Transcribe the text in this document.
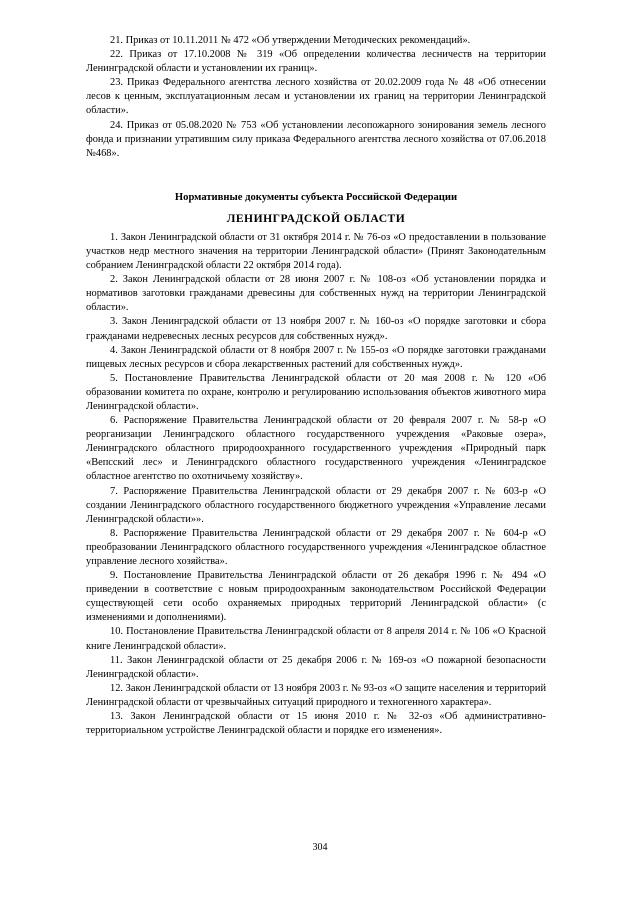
21. Приказ от 10.11.2011 № 472 «Об утверждении Методических рекомендаций».

22. Приказ от 17.10.2008 № 319 «Об определении количества лесничеств на территории Ленинградской области и установлении их границ».

23. Приказ Федерального агентства лесного хозяйства от 20.02.2009 года № 48 «Об отнесении лесов к ценным, эксплуатационным лесам и установлении их границ на территории Ленинградской области».

24. Приказ от 05.08.2020 № 753 «Об установлении лесопожарного зонирования земель лесного фонда и признании утратившим силу приказа Федерального агентства лесного хозяйства от 07.06.2018 №468».

Нормативные документы субъекта Российской Федерации
ЛЕНИНГРАДСКОЙ ОБЛАСТИ

1. Закон Ленинградской области от 31 октября 2014 г. № 76-оз «О предоставлении в пользование участков недр местного значения на территории Ленинградской области» (Принят Законодательным собранием Ленинградской области 22 октября 2014 года).

2. Закон Ленинградской области от 28 июня 2007 г. № 108-оз «Об установлении порядка и нормативов заготовки гражданами древесины для собственных нужд на территории Ленинградской области».

3. Закон Ленинградской области от 13 ноября 2007 г. № 160-оз «О порядке заготовки и сбора гражданами недревесных лесных ресурсов для собственных нужд».

4. Закон Ленинградской области от 8 ноября 2007 г. № 155-оз «О порядке заготовки гражданами пищевых лесных ресурсов и сбора лекарственных растений для собственных нужд».

5. Постановление Правительства Ленинградской области от 20 мая 2008 г. № 120 «Об образовании комитета по охране, контролю и регулированию использования объектов животного мира Ленинградской области».

6. Распоряжение Правительства Ленинградской области от 20 февраля 2007 г. № 58-р «О реорганизации Ленинградского областного государственного учреждения «Раковые озера», Ленинградского областного природоохранного государственного учреждения «Природный парк «Вепсский лес» и Ленинградского областного государственного учреждения «Ленинградское областное агентство по охотничьему хозяйству».

7. Распоряжение Правительства Ленинградской области от 29 декабря 2007 г. № 603-р «О создании Ленинградского областного государственного бюджетного учреждения «Управление лесами Ленинградской области»».

8. Распоряжение Правительства Ленинградской области от 29 декабря 2007 г. № 604-р «О преобразовании Ленинградского областного государственного учреждения «Ленинградское областное управление лесного хозяйства».

9. Постановление Правительства Ленинградской области от 26 декабря 1996 г. № 494 «О приведении в соответствие с новым природоохранным законодательством Российской Федерации существующей сети особо охраняемых природных территорий Ленинградской области» (с изменениями и дополнениями).

10. Постановление Правительства Ленинградской области от 8 апреля 2014 г. № 106 «О Красной книге Ленинградской области».

11. Закон Ленинградской области от 25 декабря 2006 г. № 169-оз «О пожарной безопасности Ленинградской области».

12. Закон Ленинградской области от 13 ноября 2003 г. № 93-оз «О защите населения и территорий Ленинградской области от чрезвычайных ситуаций природного и техногенного характера».

13. Закон Ленинградской области от 15 июня 2010 г. № 32-оз «Об административно-территориальном устройстве Ленинградской области и порядке его изменения».

304
